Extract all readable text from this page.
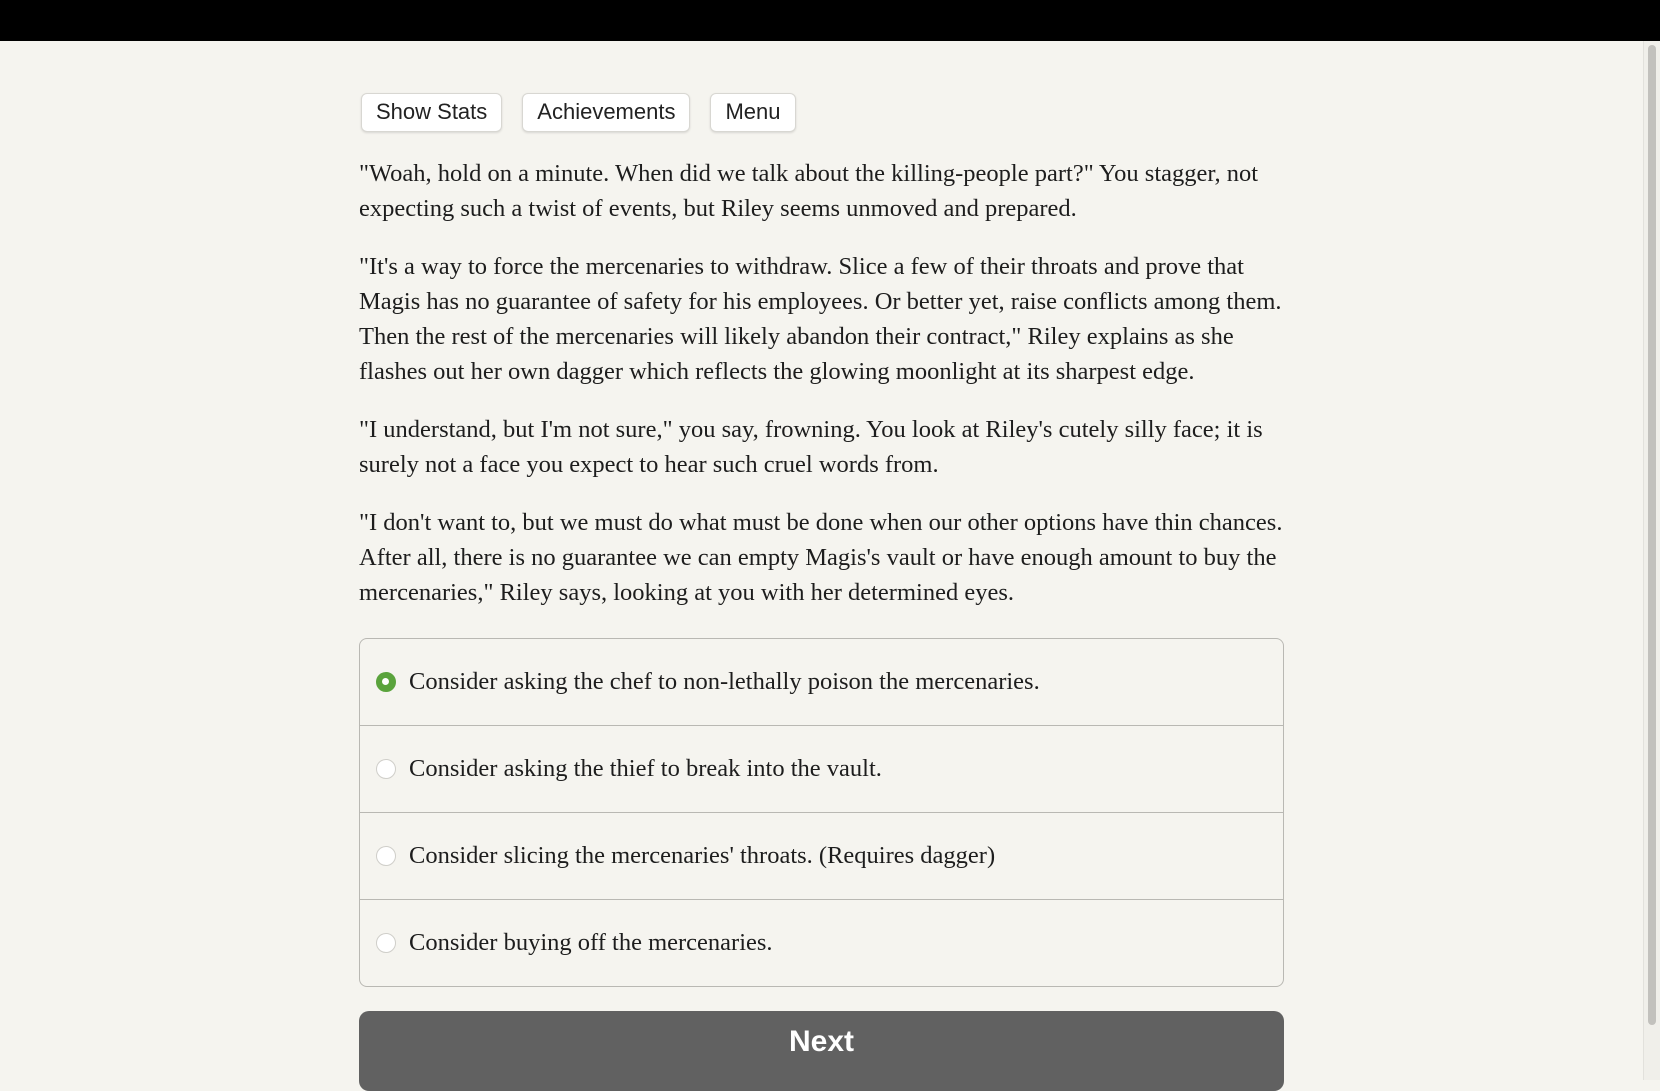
Show Stats	Achievements	Menu

"Woah, hold on a minute. When did we talk about the killing-people part?" You stagger, not expecting such a twist of events, but Riley seems unmoved and prepared.

"It's a way to force the mercenaries to withdraw. Slice a few of their throats and prove that Magis has no guarantee of safety for his employees. Or better yet, raise conflicts among them. Then the rest of the mercenaries will likely abandon their contract," Riley explains as she flashes out her own dagger which reflects the glowing moonlight at its sharpest edge.

"I understand, but I'm not sure," you say, frowning. You look at Riley's cutely silly face; it is surely not a face you expect to hear such cruel words from.

"I don't want to, but we must do what must be done when our other options have thin chances. After all, there is no guarantee we can empty Magis's vault or have enough amount to buy the mercenaries," Riley says, looking at you with her determined eyes.

Consider asking the chef to non-lethally poison the mercenaries.
Consider asking the thief to break into the vault.
Consider slicing the mercenaries' throats. (Requires dagger)
Consider buying off the mercenaries.
Next
